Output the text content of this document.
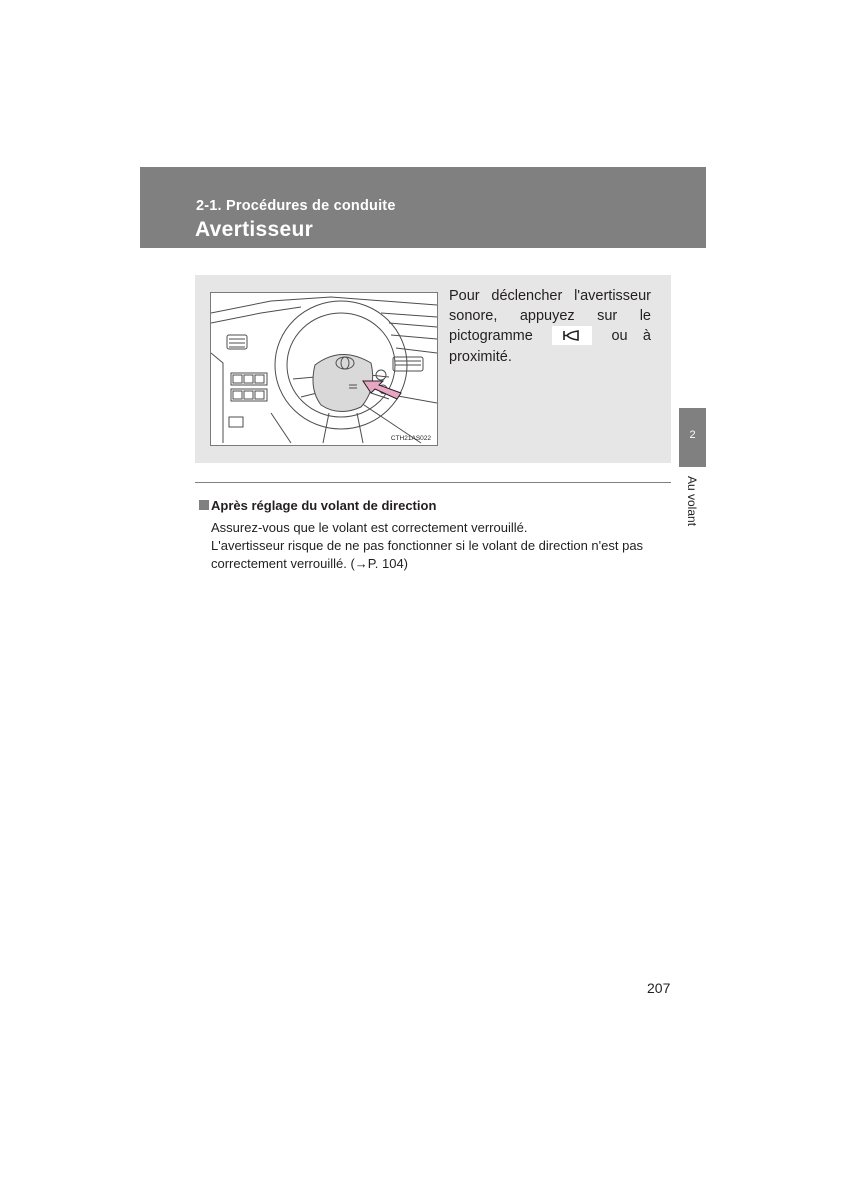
2-1. Procédures de conduite
Avertisseur
CTH21AS022
Pour déclencher l'avertisseur sonore, appuyez sur le pictogramme	ou à proximité.
Après réglage du volant de direction

Assurez-vous que le volant est correctement verrouillé.

L'avertisseur risque de ne pas fonctionner si le volant de direction n'est pas correctement verrouillé. (→P. 104)

2
Au volant
207
